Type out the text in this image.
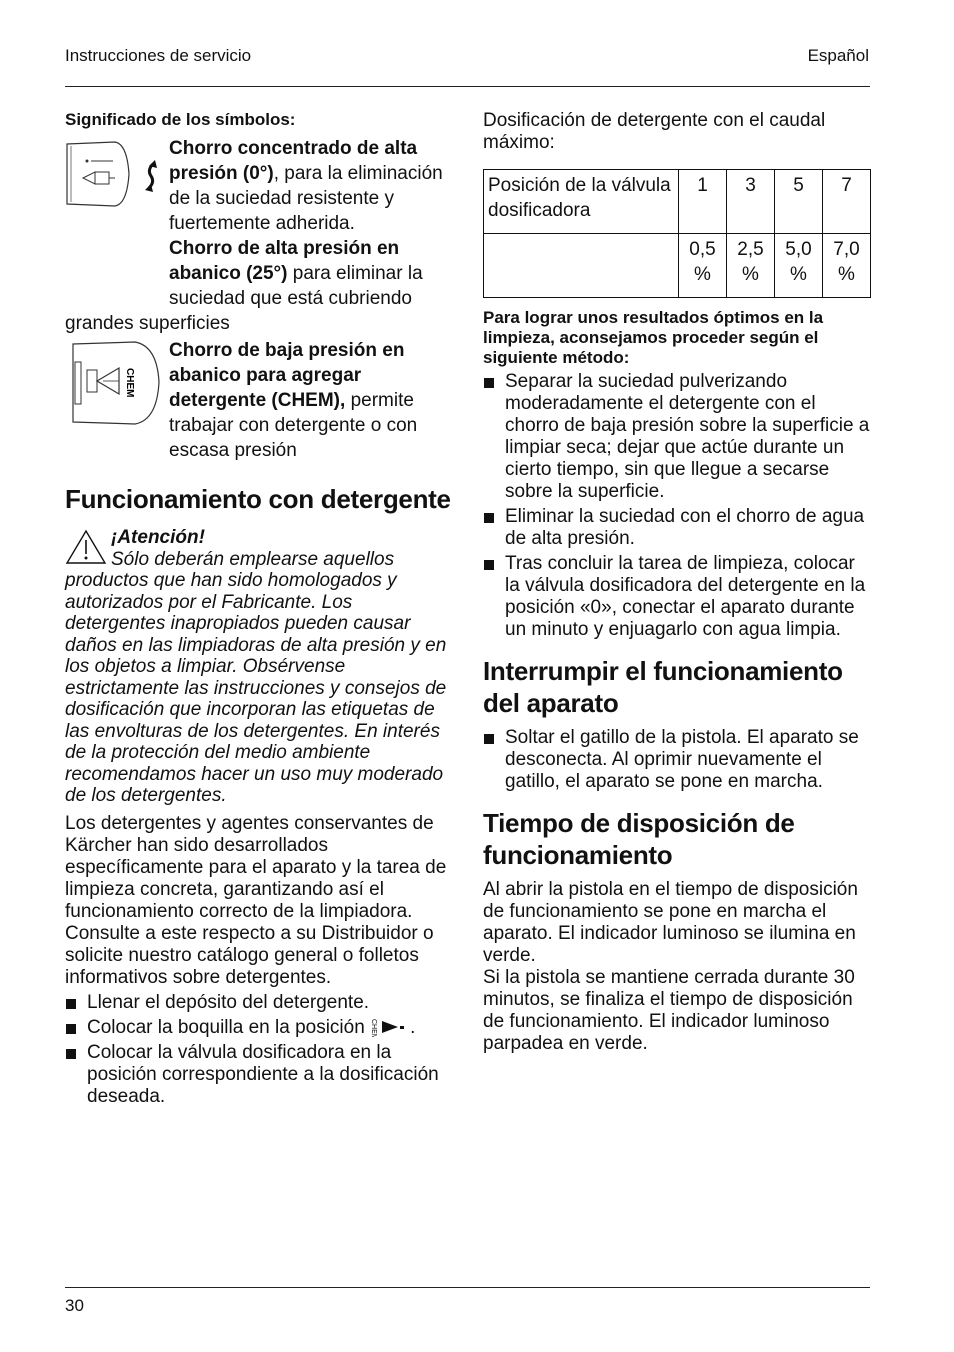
Instrucciones de servicio	Español
Significado de los símbolos:
Chorro concentrado de alta presión (0°), para la eliminación de la suciedad resistente y fuertemente adherida.
Chorro de alta presión en abanico (25°) para eliminar la suciedad que está cubriendo
grandes superficies
CHEM
Chorro de baja presión en abanico para agregar detergente (CHEM), permite trabajar con detergente o con escasa presión
Funcionamiento con detergente
¡Atención!
Sólo deberán emplearse aquellos productos que han sido homologados y autorizados por el Fabricante. Los detergentes inapropiados pueden causar daños en las limpiadoras de alta presión y en los objetos a limpiar. Obsérvense estrictamente las instrucciones y consejos de dosificación que incorporan las etiquetas de las envolturas de los detergentes. En interés de la protección del medio ambiente recomendamos hacer un uso muy moderado de los detergentes.
Los detergentes y agentes conservantes de Kärcher han sido desarrollados específicamente para el aparato y la tarea de limpieza concreta, garantizando así el funcionamiento correcto de la limpiadora. Consulte a este respecto a su Distribuidor o solicite nuestro catálogo general o folletos informativos sobre detergentes.
Llenar el depósito del detergente.
Colocar la boquilla en la posición CHEM .
Colocar la válvula dosificadora en la posición correspondiente a la dosificación deseada.
Dosificación de detergente con el caudal máximo:
Posición de la válvula dosificadora	1	3	5	7
	0,5 %	2,5 %	5,0 %	7,0 %
Para lograr unos resultados óptimos en la limpieza, aconsejamos proceder según el siguiente método:
Separar la suciedad pulverizando moderadamente el detergente con el chorro de baja presión sobre la superficie a limpiar seca; dejar que actúe durante un cierto tiempo, sin que llegue a secarse sobre la superficie.
Eliminar la suciedad con el chorro de agua de alta presión.
Tras concluir la tarea de limpieza, colocar la válvula dosificadora del detergente en la posición «0», conectar el aparato durante un minuto y enjuagarlo con agua limpia.
Interrumpir el funcionamiento del aparato
Soltar el gatillo de la pistola. El aparato se desconecta. Al oprimir nuevamente el gatillo, el aparato se pone en marcha.
Tiempo de disposición de funcionamiento
Al abrir la pistola en el tiempo de disposición de funcionamiento se pone en marcha el aparato. El indicador luminoso se ilumina en verde.
Si la pistola se mantiene cerrada durante 30 minutos, se finaliza el tiempo de disposición de funcionamiento. El indicador luminoso parpadea en verde.
30
